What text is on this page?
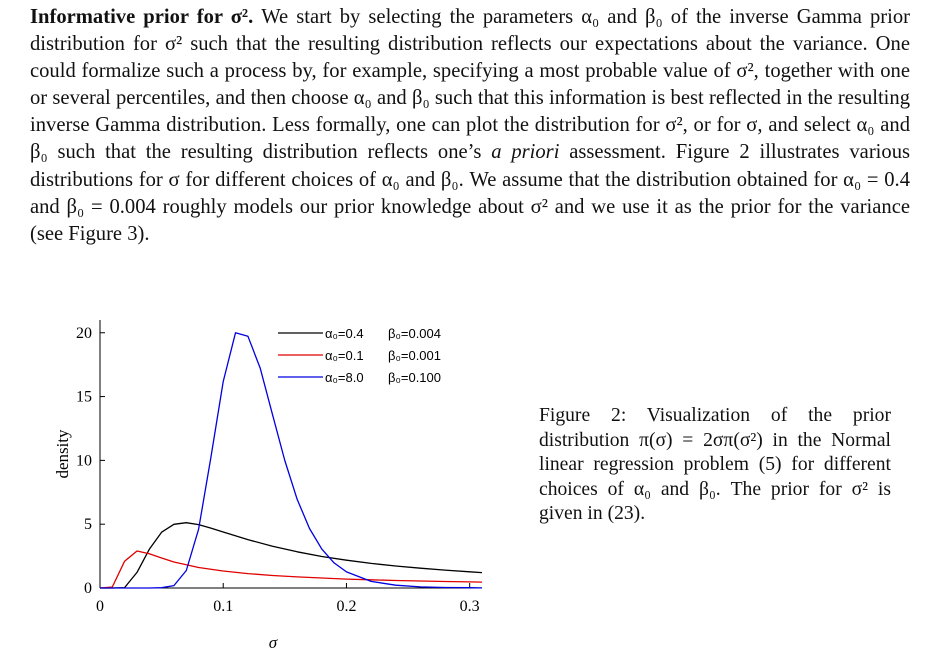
Informative prior for σ². We start by selecting the parameters α₀ and β₀ of the inverse Gamma prior distribution for σ² such that the resulting distribution reflects our expectations about the variance. One could formalize such a process by, for example, specifying a most probable value of σ², together with one or several percentiles, and then choose α₀ and β₀ such that this information is best reflected in the resulting inverse Gamma distribution. Less formally, one can plot the distribution for σ², or for σ, and select α₀ and β₀ such that the resulting distribution reflects one’s a priori assessment. Figure 2 illustrates various distributions for σ for different choices of α₀ and β₀. We assume that the distribution obtained for α₀ = 0.4 and β₀ = 0.004 roughly models our prior knowledge about σ² and we use it as the prior for the variance (see Figure 3).
0
5
10
15
20
0	0.1	0.2	0.3
σ
density
α₀=0.4 β₀=0.004
α₀=0.1 β₀=0.001
α₀=8.0 β₀=0.100
Figure 2: Visualization of the prior distribution π(σ) = 2σπ(σ²) in the Normal linear regression problem (5) for different choices of α₀ and β₀. The prior for σ² is given in (23).
